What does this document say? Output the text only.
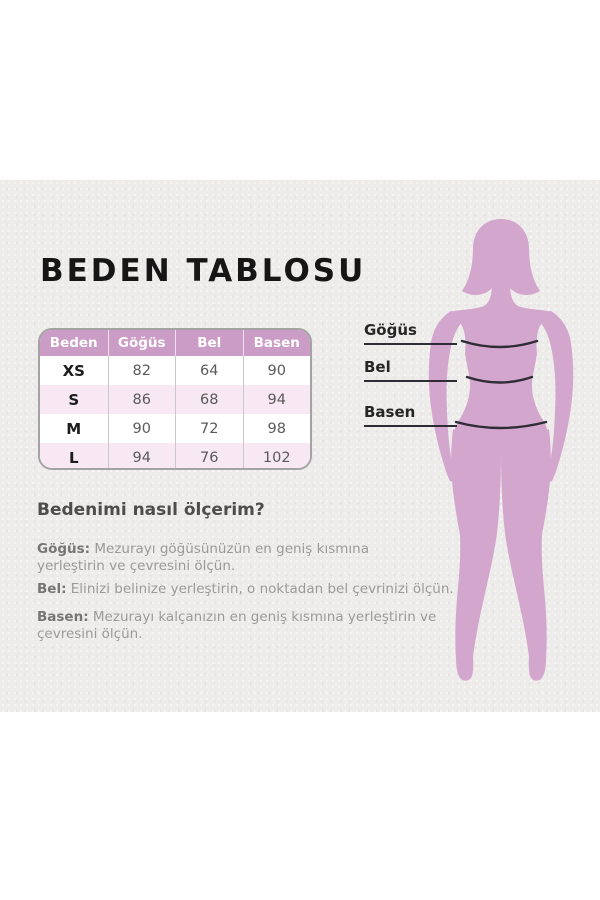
BEDEN TABLOSU
Beden	Göğüs	Bel	Basen
XS	82	64	90
S	86	68	94
M	90	72	98
L	94	76	102
Göğüs
Bel
Basen
Bedenimi nasıl ölçerim?

Göğüs: Mezurayı göğüsünüzün en geniş kısmına yerleştirin ve çevresini ölçün.

Bel: Elinizi belinize yerleştirin, o noktadan bel çevrinizi ölçün.

Basen: Mezurayı kalçanızın en geniş kısmına yerleştirin ve çevresini ölçün.
